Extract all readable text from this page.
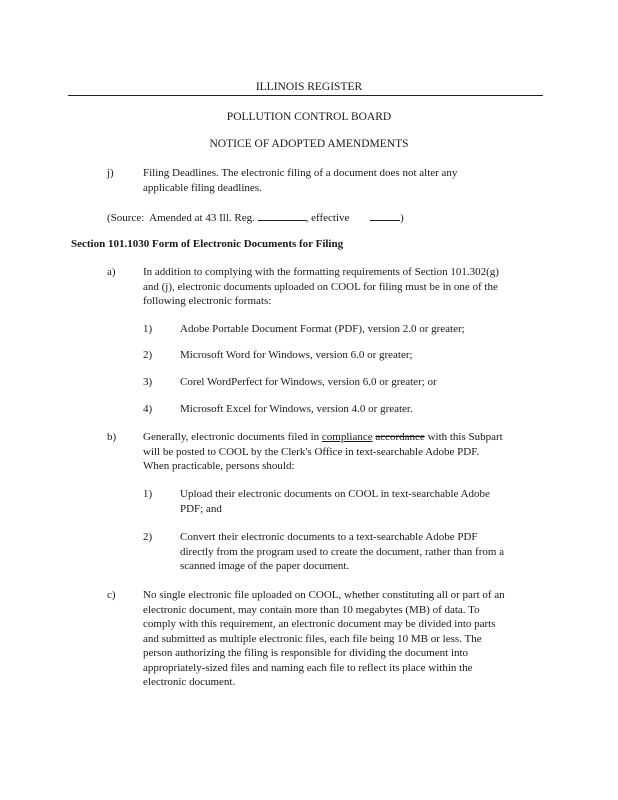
ILLINOIS REGISTER
POLLUTION CONTROL BOARD
NOTICE OF ADOPTED AMENDMENTS
j)	Filing Deadlines. The electronic filing of a document does not alter any
applicable filing deadlines.
(Source:  Amended at 43 Ill. Reg.	, effective	)
Section 101.1030 Form of Electronic Documents for Filing
a) In addition to complying with the formatting requirements of Section 101.302(g)
and (j), electronic documents uploaded on COOL for filing must be in one of the
following electronic formats:
1)	Adobe Portable Document Format (PDF), version 2.0 or greater;
2)	Microsoft Word for Windows, version 6.0 or greater;
3)	Corel WordPerfect for Windows, version 6.0 or greater; or
4)	Microsoft Excel for Windows, version 4.0 or greater.
b) Generally, electronic documents filed in compliance accordance with this Subpart
will be posted to COOL by the Clerk's Office in text-searchable Adobe PDF.
When practicable, persons should:
1)	Upload their electronic documents on COOL in text-searchable Adobe
PDF; and
2)	Convert their electronic documents to a text-searchable Adobe PDF
directly from the program used to create the document, rather than from a
scanned image of the paper document.
c) No single electronic file uploaded on COOL, whether constituting all or part of an
electronic document, may contain more than 10 megabytes (MB) of data. To
comply with this requirement, an electronic document may be divided into parts
and submitted as multiple electronic files, each file being 10 MB or less. The
person authorizing the filing is responsible for dividing the document into
appropriately-sized files and naming each file to reflect its place within the
electronic document.
